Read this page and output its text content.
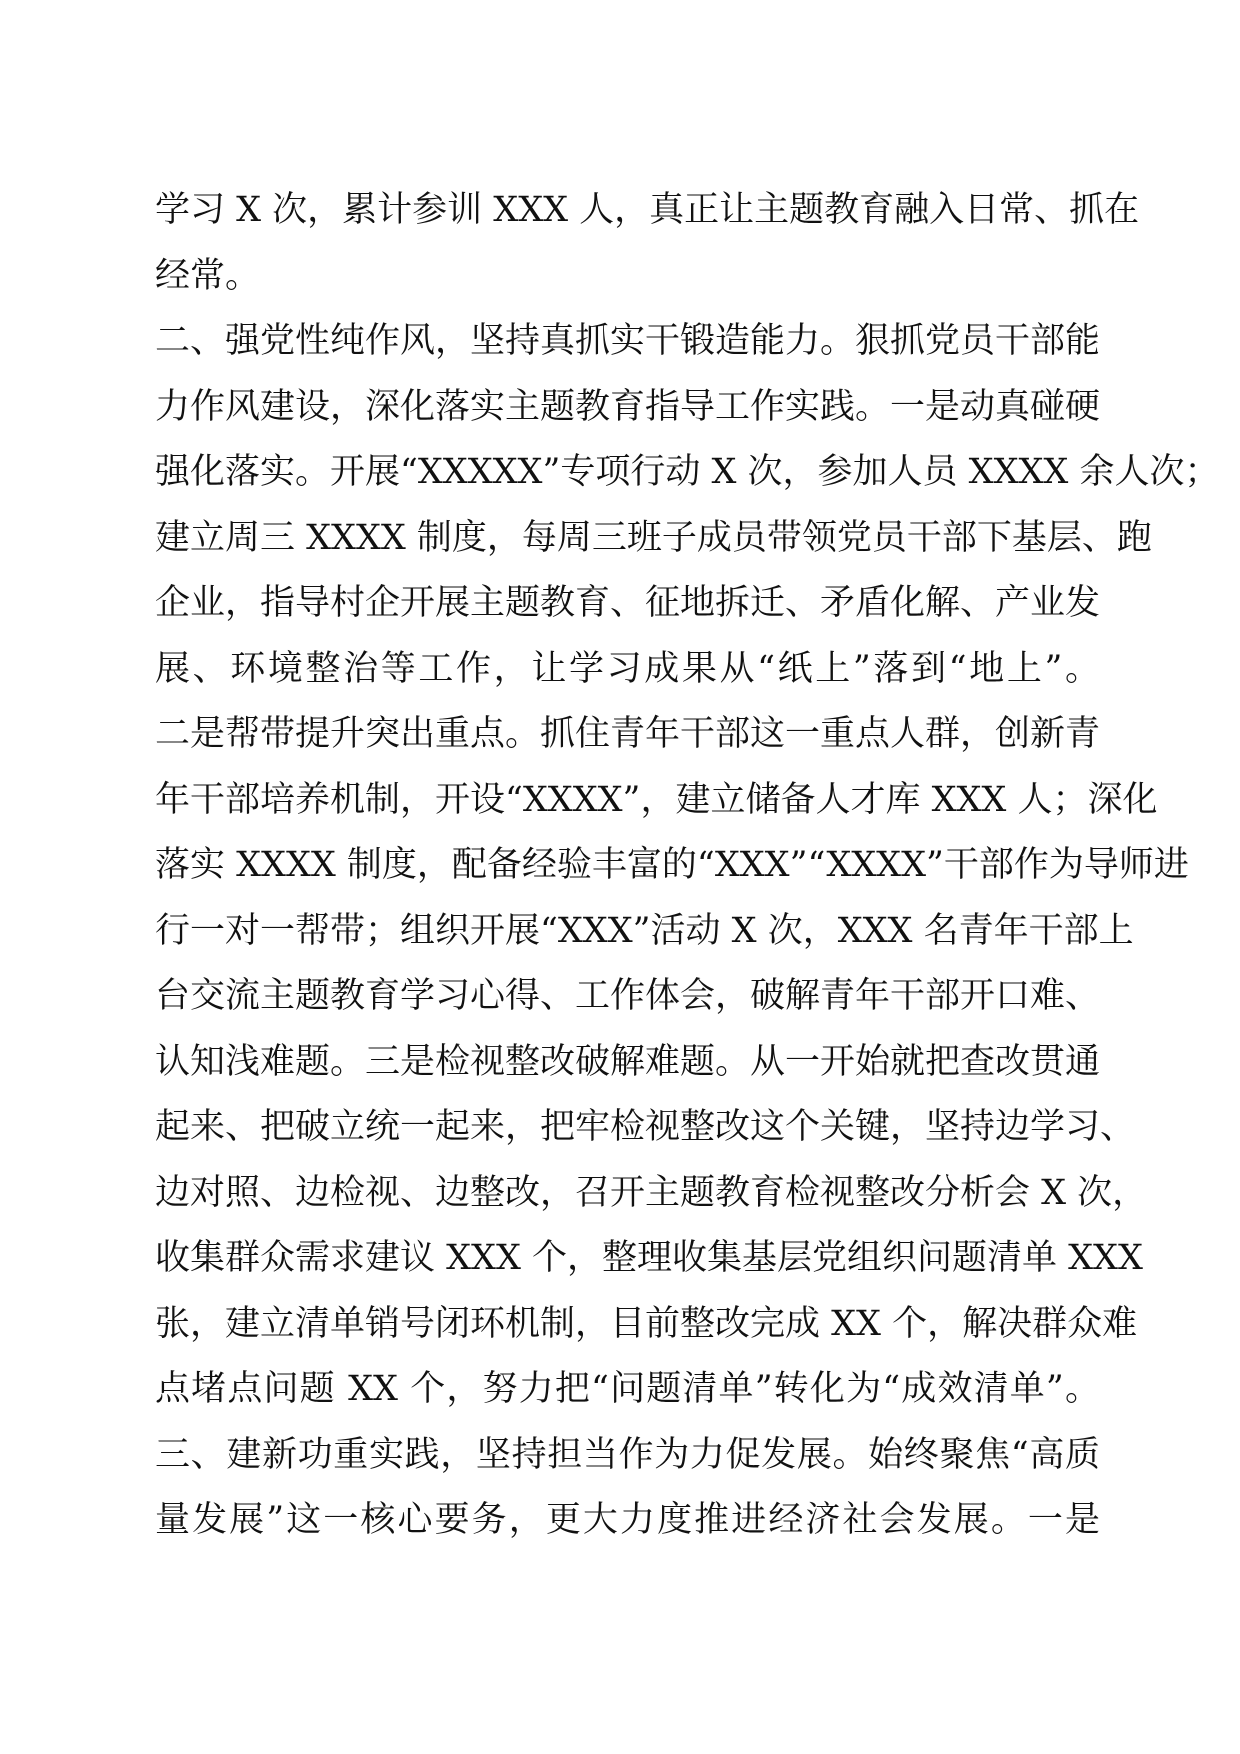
学习 X 次，累计参训 XXX 人，真正让主题教育融入日常、抓在
经常。
二、强党性纯作风，坚持真抓实干锻造能力。狠抓党员干部能
力作风建设，深化落实主题教育指导工作实践。一是动真碰硬
强化落实。开展“XXXXX”专项行动 X 次，参加人员 XXXX 余人次；
建立周三 XXXX 制度，每周三班子成员带领党员干部下基层、跑
企业，指导村企开展主题教育、征地拆迁、矛盾化解、产业发
展、环境整治等工作，让学习成果从“纸上”落到“地上”。
二是帮带提升突出重点。抓住青年干部这一重点人群，创新青
年干部培养机制，开设“XXXX”，建立储备人才库 XXX 人；深化
落实 XXXX 制度，配备经验丰富的“XXX”“XXXX”干部作为导师进
行一对一帮带；组织开展“XXX”活动 X 次，XXX 名青年干部上
台交流主题教育学习心得、工作体会，破解青年干部开口难、
认知浅难题。三是检视整改破解难题。从一开始就把查改贯通
起来、把破立统一起来，把牢检视整改这个关键，坚持边学习、
边对照、边检视、边整改，召开主题教育检视整改分析会 X 次，
收集群众需求建议 XXX 个，整理收集基层党组织问题清单 XXX
张，建立清单销号闭环机制，目前整改完成 XX 个，解决群众难
点堵点问题 XX 个，努力把“问题清单”转化为“成效清单”。
三、建新功重实践，坚持担当作为力促发展。始终聚焦“高质
量发展”这一核心要务，更大力度推进经济社会发展。一是
